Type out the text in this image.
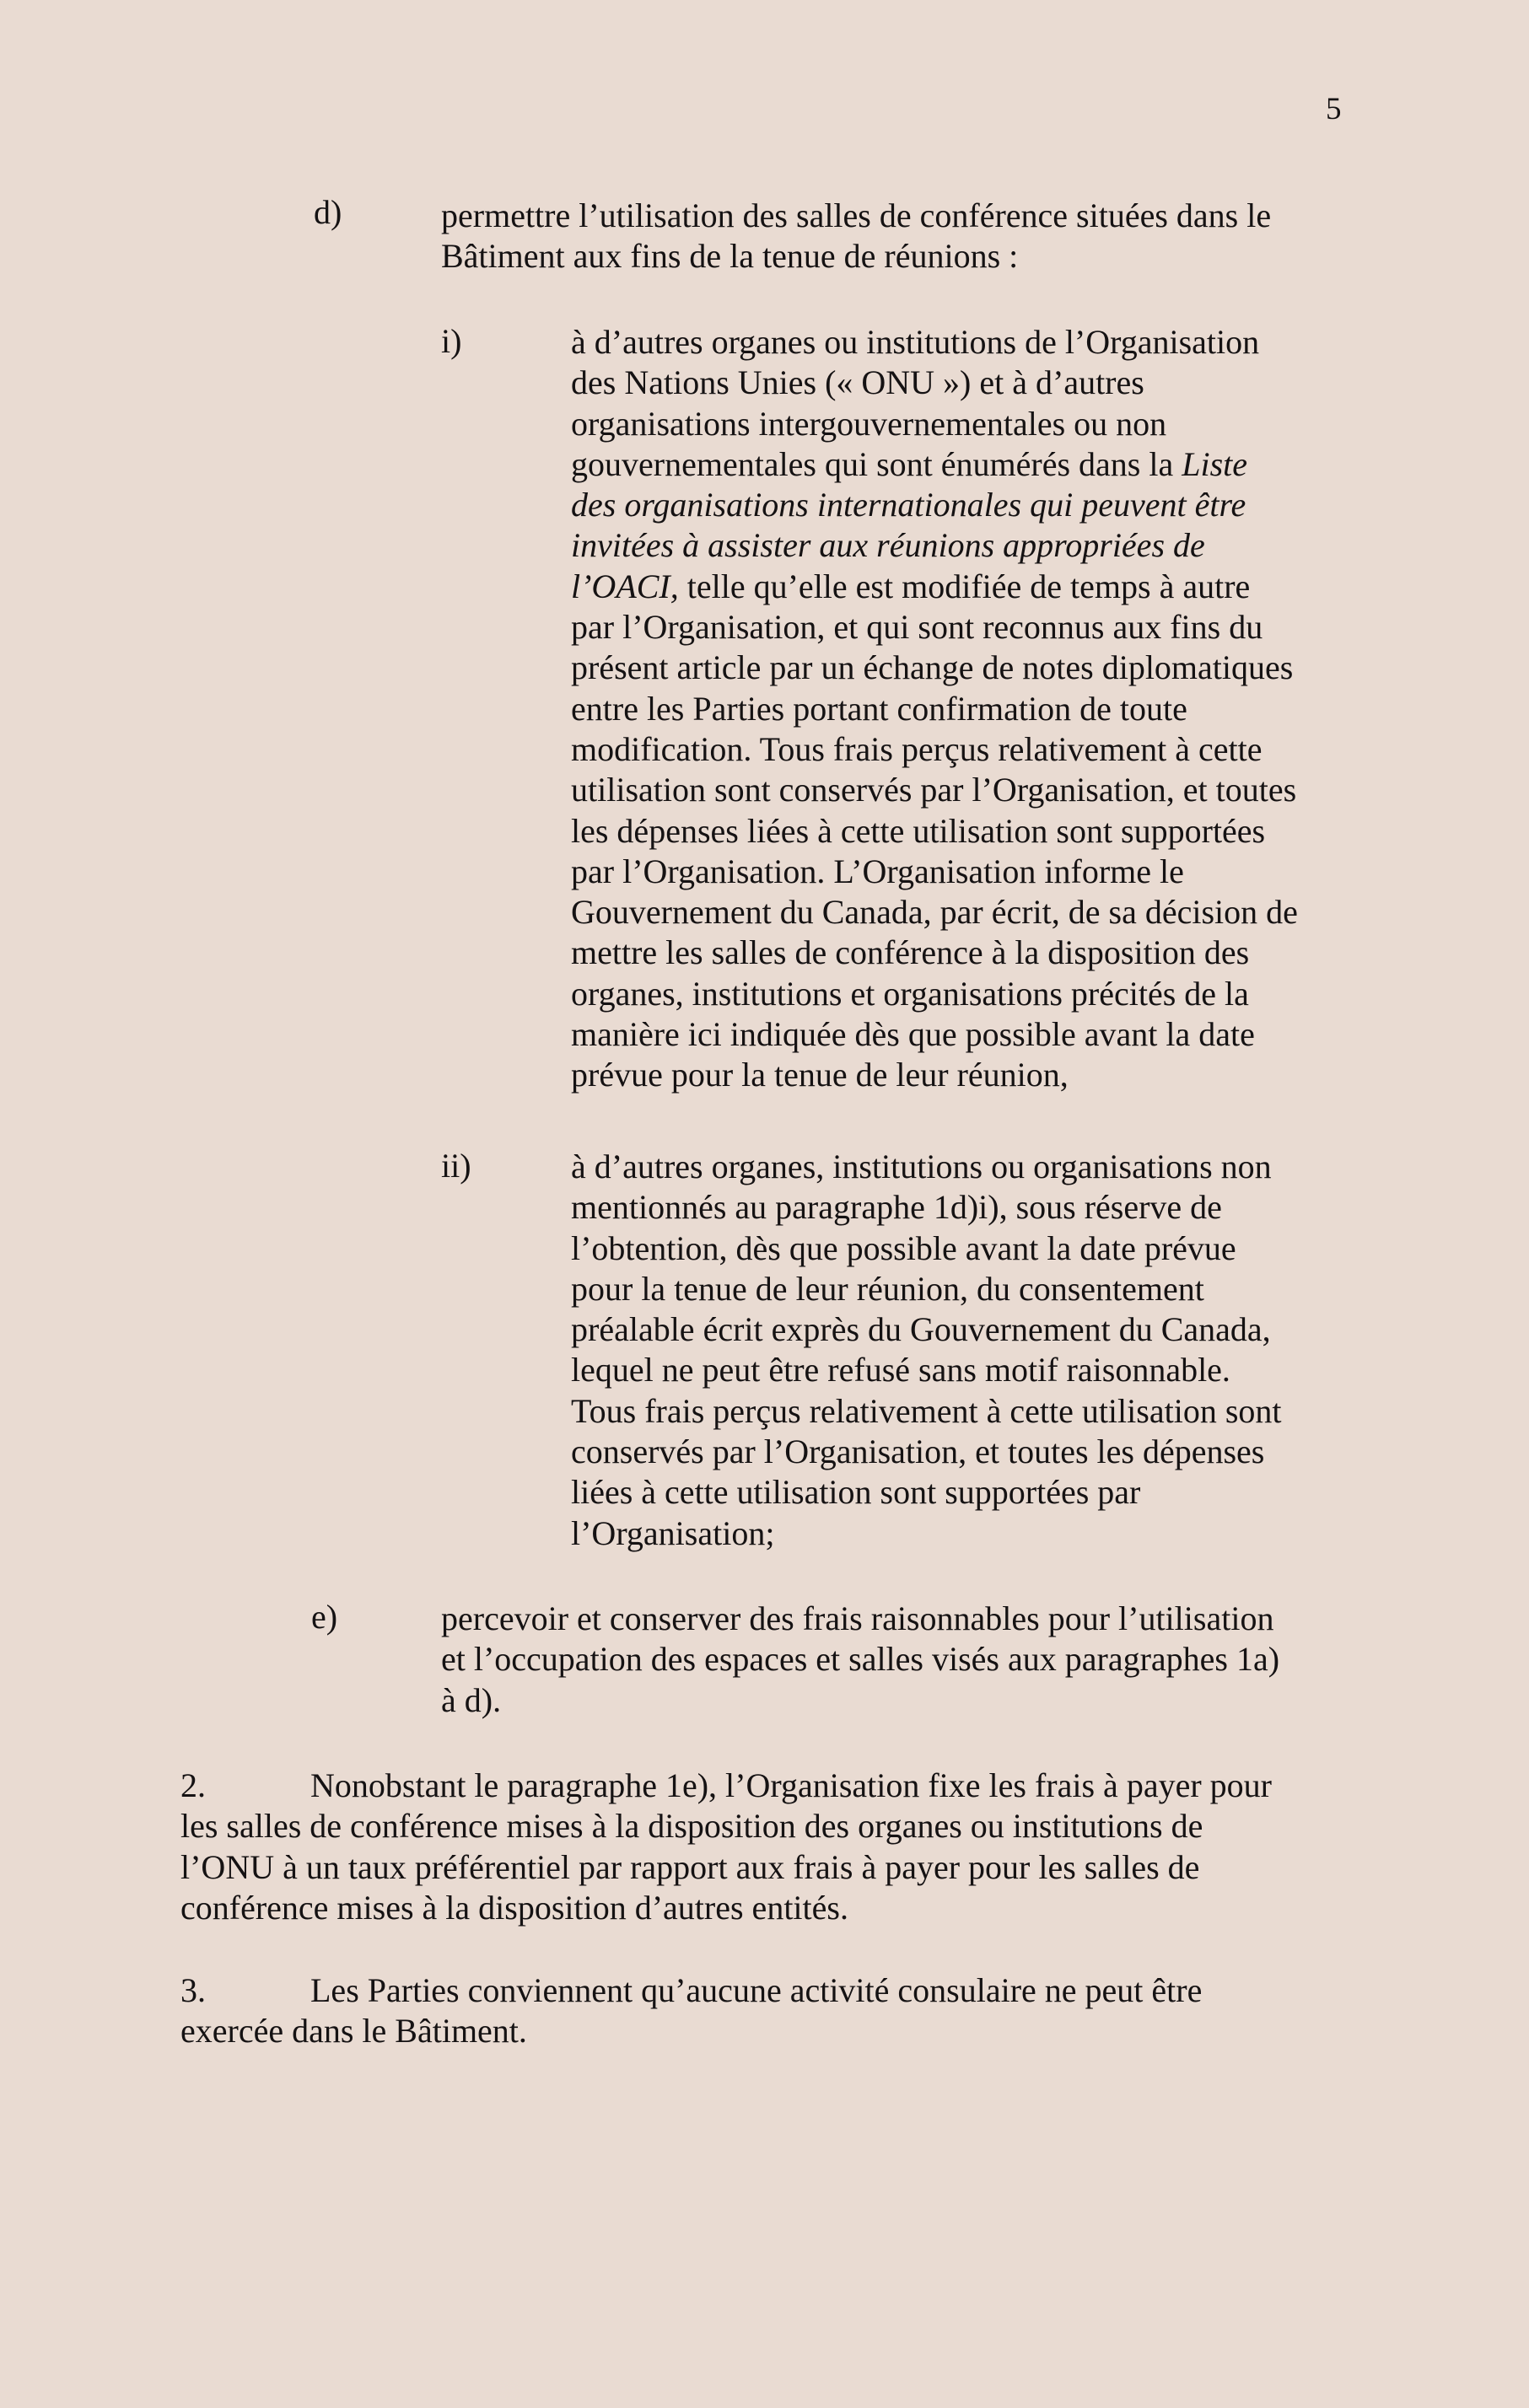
5
d)	permettre l’utilisation des salles de conférence situées dans le

Bâtiment aux fins de la tenue de réunions :

i)	à d’autres organes ou institutions de l’Organisation

des Nations Unies (« ONU ») et à d’autres

organisations intergouvernementales ou non

gouvernementales qui sont énumérés dans la Liste

des organisations internationales qui peuvent être

invitées à assister aux réunions appropriées de

l’OACI, telle qu’elle est modifiée de temps à autre

par l’Organisation, et qui sont reconnus aux fins du

présent article par un échange de notes diplomatiques

entre les Parties portant confirmation de toute

modification. Tous frais perçus relativement à cette

utilisation sont conservés par l’Organisation, et toutes

les dépenses liées à cette utilisation sont supportées

par l’Organisation. L’Organisation informe le

Gouvernement du Canada, par écrit, de sa décision de

mettre les salles de conférence à la disposition des

organes, institutions et organisations précités de la

manière ici indiquée dès que possible avant la date

prévue pour la tenue de leur réunion,

ii)	à d’autres organes, institutions ou organisations non

mentionnés au paragraphe 1d)i), sous réserve de

l’obtention, dès que possible avant la date prévue

pour la tenue de leur réunion, du consentement

préalable écrit exprès du Gouvernement du Canada,

lequel ne peut être refusé sans motif raisonnable.

Tous frais perçus relativement à cette utilisation sont

conservés par l’Organisation, et toutes les dépenses

liées à cette utilisation sont supportées par

l’Organisation;

e)	percevoir et conserver des frais raisonnables pour l’utilisation

et l’occupation des espaces et salles visés aux paragraphes 1a)

à d).

2.	Nonobstant le paragraphe 1e), l’Organisation fixe les frais à payer pour

les salles de conférence mises à la disposition des organes ou institutions de

l’ONU à un taux préférentiel par rapport aux frais à payer pour les salles de

conférence mises à la disposition d’autres entités.

3.	Les Parties conviennent qu’aucune activité consulaire ne peut être

exercée dans le Bâtiment.
